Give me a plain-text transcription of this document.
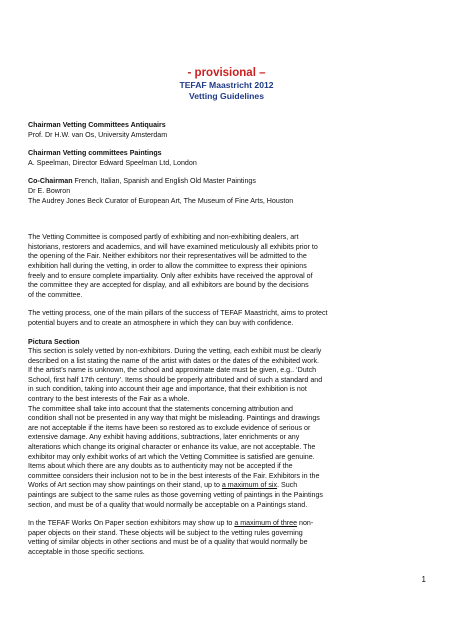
- provisional –
TEFAF Maastricht 2012
Vetting Guidelines
Chairman Vetting Committees Antiquairs
Prof. Dr H.W. van Os, University Amsterdam
Chairman Vetting committees Paintings
A. Speelman, Director Edward Speelman Ltd, London
Co-Chairman French, Italian, Spanish and English Old Master Paintings
Dr E. Bowron
The Audrey Jones Beck Curator of European Art, The Museum of Fine Arts, Houston
The Vetting Committee is composed partly of exhibiting and non-exhibiting dealers, art
historians, restorers and academics, and will have examined meticulously all exhibits prior to
the opening of the Fair. Neither exhibitors nor their representatives will be admitted to the
exhibition hall during the vetting, in order to allow the committee to express their opinions
freely and to ensure complete impartiality. Only after exhibits have received the approval of
the committee they are accepted for display, and all exhibitors are bound by the decisions
of the committee.
The vetting process, one of the main pillars of the success of TEFAF Maastricht, aims to protect
potential buyers and to create an atmosphere in which they can buy with confidence.
Pictura Section
This section is solely vetted by non-exhibitors. During the vetting, each exhibit must be clearly
described on a list stating the name of the artist with dates or the dates of the exhibited work.
If the artist’s name is unknown, the school and approximate date must be given, e.g.. ‘Dutch
School, first half 17th century’. Items should be properly attributed and of such a standard and
in such condition, taking into account their age and importance, that their exhibition is not
contrary to the best interests of the Fair as a whole.
The committee shall take into account that the statements concerning attribution and
condition shall not be presented in any way that might be misleading. Paintings and drawings
are not acceptable if the items have been so restored as to exclude evidence of serious or
extensive damage. Any exhibit having additions, subtractions, later enrichments or any
alterations which change its original character or enhance its value, are not acceptable. The
exhibitor may only exhibit works of art which the Vetting Committee is satisfied are genuine.
Items about which there are any doubts as to authenticity may not be accepted if the
committee considers their inclusion not to be in the best interests of the Fair. Exhibitors in the
Works of Art section may show paintings on their stand, up to a maximum of six. Such
paintings are subject to the same rules as those governing vetting of paintings in the Paintings
section, and must be of a quality that would normally be acceptable on a Paintings stand.
In the TEFAF Works On Paper section exhibitors may show up to a maximum of three non-
paper objects on their stand. These objects will be subject to the vetting rules governing
vetting of similar objects in other sections and must be of a quality that would normally be
acceptable in those specific sections.
1
